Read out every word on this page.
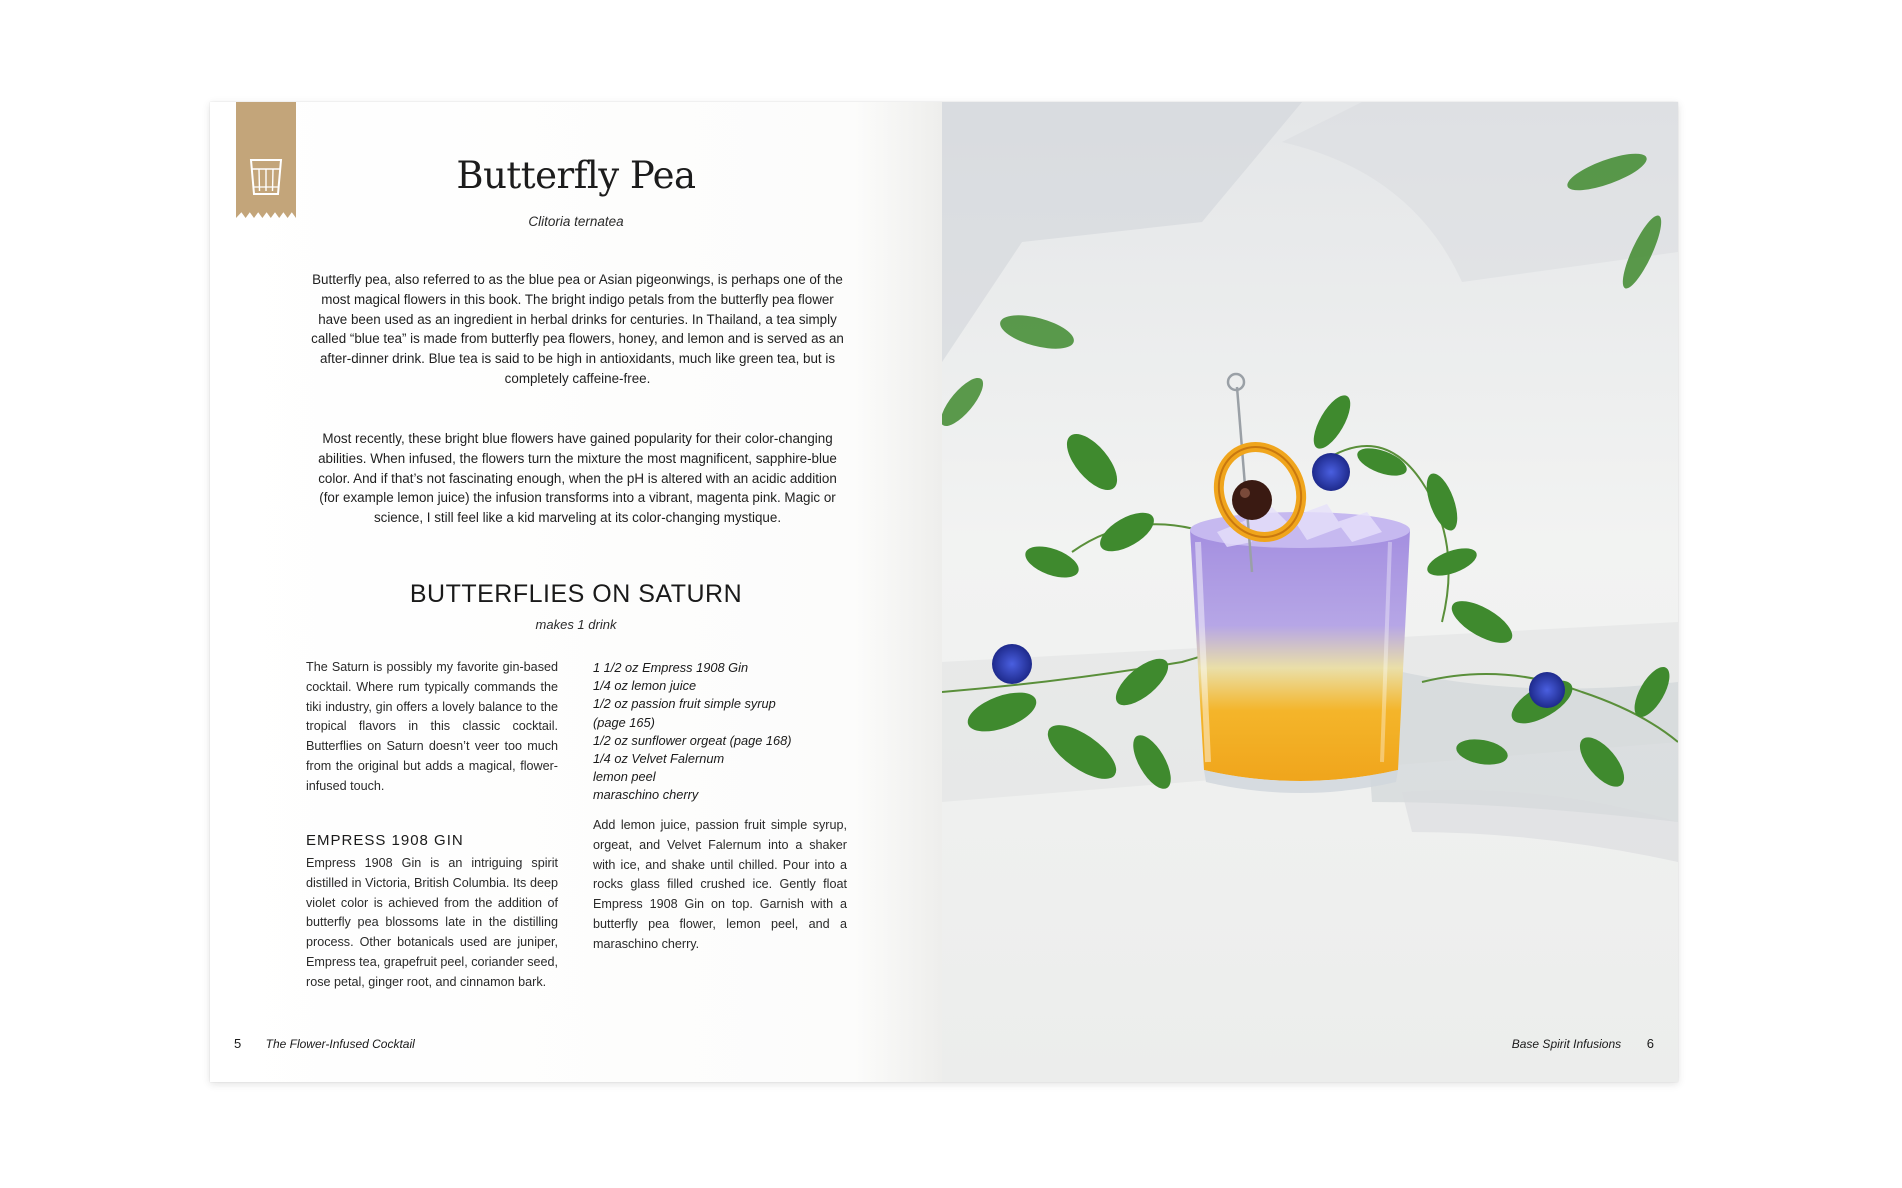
Butterfly Pea
Clitoria ternatea

Butterfly pea, also referred to as the blue pea or Asian pigeonwings, is perhaps one of the most magical flowers in this book. The bright indigo petals from the butterfly pea flower have been used as an ingredient in herbal drinks for centuries. In Thailand, a tea simply called “blue tea” is made from butterfly pea flowers, honey, and lemon and is served as an after-dinner drink. Blue tea is said to be high in antioxidants, much like green tea, but is completely caffeine-free.

Most recently, these bright blue flowers have gained popularity for their color-changing abilities. When infused, the flowers turn the mixture the most magnificent, sapphire-blue color. And if that’s not fascinating enough, when the pH is altered with an acidic addition (for example lemon juice) the infusion transforms into a vibrant, magenta pink. Magic or science, I still feel like a kid marveling at its color-changing mystique.

BUTTERFLIES ON SATURN
makes 1 drink

The Saturn is possibly my favorite gin-based cocktail. Where rum typically commands the tiki industry, gin offers a lovely balance to the tropical flavors in this classic cocktail. Butterflies on Saturn doesn’t veer too much from the original but adds a magical, flower-infused touch.

EMPRESS 1908 GIN

Empress 1908 Gin is an intriguing spirit distilled in Victoria, British Columbia. Its deep violet color is achieved from the addition of butterfly pea blossoms late in the distilling process. Other botanicals used are juniper, Empress tea, grapefruit peel, coriander seed, rose petal, ginger root, and cinnamon bark.

1 1/2 oz Empress 1908 Gin
1/4 oz lemon juice
1/2 oz passion fruit simple syrup
(page 165)
1/2 oz sunflower orgeat (page 168)
1/4 oz Velvet Falernum
lemon peel
maraschino cherry

Add lemon juice, passion fruit simple syrup, orgeat, and Velvet Falernum into a shaker with ice, and shake until chilled. Pour into a rocks glass filled crushed ice. Gently float Empress 1908 Gin on top. Garnish with a butterfly pea flower, lemon peel, and a maraschino cherry.

5 The Flower-Infused Cocktail	Base Spirit Infusions 6
